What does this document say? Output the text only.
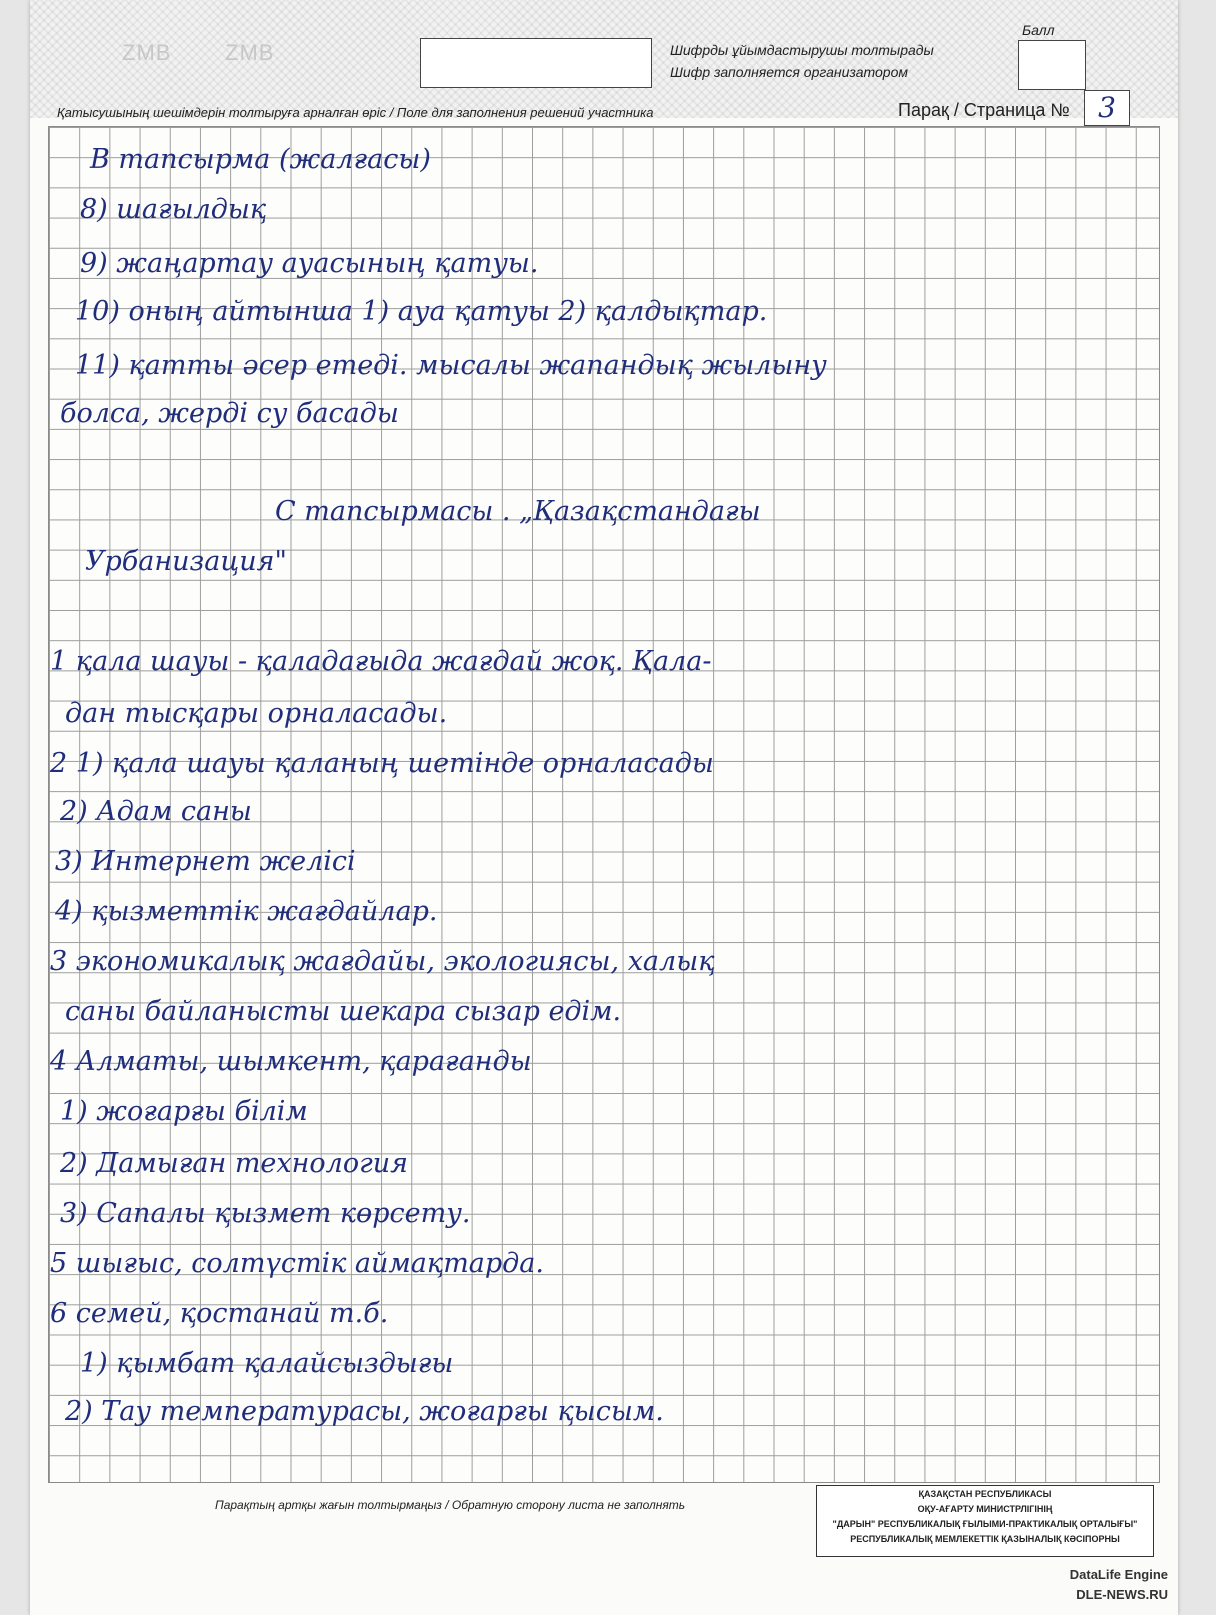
ZMB ZMB	Шифрды ұйымдастырушы толтырады
Шифр заполняется организатором
Балл
Қатысушының шешімдерін толтыруға арналған өріс / Поле для заполнения решений участника	Парақ / Страница №	3
B тапсырма (жалғасы)
8) шағылдық
9) жаңартау ауасының қатуы.
10) оның айтынша 1) ауа қатуы 2) қалдықтар.
11) қатты әсер етеді. мысалы жапандық жылыну
болса, жерді су басады
С тапсырмасы . „Қазақстандағы
Урбанизация"
1 қала шауы - қаладағыда жағдай жоқ. Қала-
дан тысқары орналасады.
2 1) қала шауы қаланың шетінде орналасады
2) Адам саны
3) Интернет желісі
4) қызметтік жағдайлар.
3 экономикалық жағдайы, экологиясы, халық
саны байланысты шекара сызар едім.
4 Алматы, шымкент, қарағанды
1) жоғарғы білім
2) Дамыған технология
3) Сапалы қызмет көрсету.
5 шығыс, солтүстік аймақтарда.
6 семей, қостанай т.б.
1) қымбат қалайсыздығы
2) Тау температурасы, жоғарғы қысым.
Парақтың артқы жағын толтырмаңыз / Обратную сторону листа не заполнять
ҚАЗАҚСТАН РЕСПУБЛИКАСЫ
ОҚУ-АҒАРТУ МИНИСТРЛІГІНІҢ
"ДАРЫН" РЕСПУБЛИКАЛЫҚ ҒЫЛЫМИ-ПРАКТИКАЛЫҚ ОРТАЛЫҒЫ"
РЕСПУБЛИКАЛЫҚ МЕМЛЕКЕТТІК ҚАЗЫНАЛЫҚ КӘСІПОРНЫ
DataLife Engine
DLE-NEWS.RU
